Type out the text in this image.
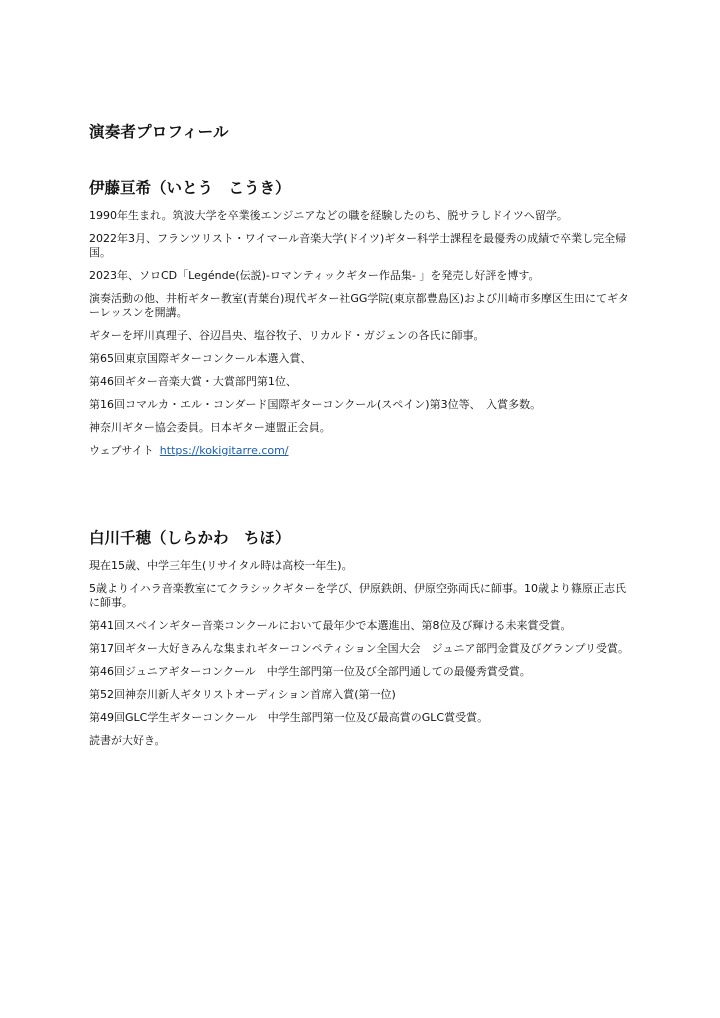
演奏者プロフィール
伊藤亘希（いとう　こうき）

1990年生まれ。筑波大学を卒業後エンジニアなどの職を経験したのち、脱サラしドイツへ留学。

2022年3月、フランツリスト・ワイマール音楽大学(ドイツ)ギター科学士課程を最優秀の成績で卒業し完全帰国。

2023年、ソロCD「Legénde(伝説)-ロマンティックギター作品集- 」を発売し好評を博す。

演奏活動の他、井桁ギター教室(青葉台)現代ギター社GG学院(東京都豊島区)および川崎市多摩区生田にてギターレッスンを開講。

ギターを坪川真理子、谷辺昌央、塩谷牧子、リカルド・ガジェンの各氏に師事。

第65回東京国際ギターコンクール本選入賞、

第46回ギター音楽大賞・大賞部門第1位、

第16回コマルカ・エル・コンダード国際ギターコンクール(スペイン)第3位等、　入賞多数。

神奈川ギター協会委員。日本ギター連盟正会員。

ウェブサイト https://kokigitarre.com/

白川千穂（しらかわ　ちほ）

現在15歳、中学三年生(リサイタル時は高校一年生)。

5歳よりイハラ音楽教室にてクラシックギターを学び、伊原鉄朗、伊原空弥両氏に師事。10歳より篠原正志氏に師事。

第41回スペインギター音楽コンクールにおいて最年少で本選進出、第8位及び輝ける未来賞受賞。

第17回ギター大好きみんな集まれギターコンペティション全国大会　ジュニア部門金賞及びグランプリ受賞。

第46回ジュニアギターコンクール　中学生部門第一位及び全部門通しての最優秀賞受賞。

第52回神奈川新人ギタリストオーディション首席入賞(第一位)

第49回GLC学生ギターコンクール　中学生部門第一位及び最高賞のGLC賞受賞。

読書が大好き。
